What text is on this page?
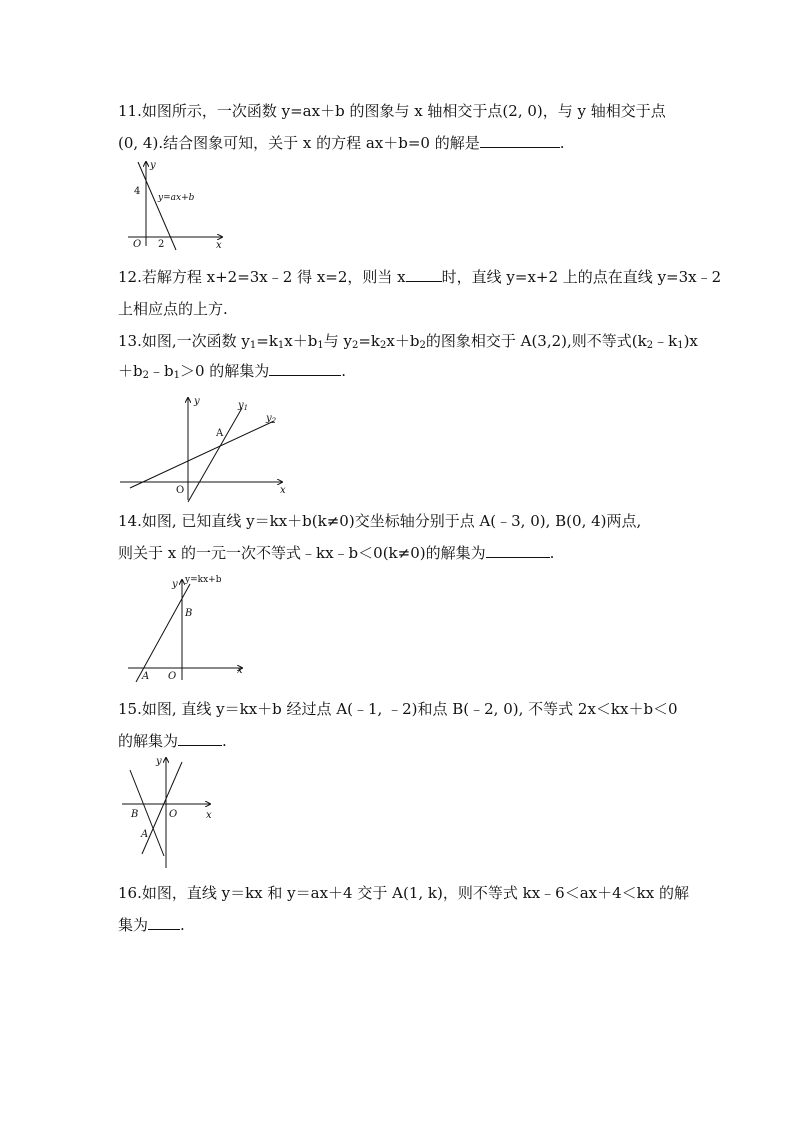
11.如图所示，一次函数 y=ax＋b 的图象与 x 轴相交于点(2, 0)，与 y 轴相交于点
(0, 4).结合图象可知，关于 x 的方程 ax＋b=0 的解是	.
y
x
O
4
2
y=ax+b
12.若解方程 x+2=3x﹣2 得 x=2，则当 x 时，直线 y=x+2 上的点在直线 y=3x﹣2
上相应点的上方.
13.如图,一次函数 $y_1=k_1x+b_1$与 $y_2=k_2x+b_2$的图象相交于 A(3,2),则不等式$(k_2﹣k_1)x$
$+b_2﹣b_1>0$ 的解集为	.
y
x
O
A
$y_1$
$y_2$
14.如图, 已知直线 y＝kx＋b(k≠0)交坐标轴分别于点 A(﹣3, 0), B(0, 4)两点,
则关于 x 的一元一次不等式﹣kx﹣b＜0(k≠0)的解集为	.
y
x
O
A
B
y=kx+b
15.如图, 直线 y＝kx＋b 经过点 A(﹣1, ﹣2)和点 B(﹣2, 0), 不等式 2x＜kx＋b＜0
的解集为	.
y
x
O
B
A
16.如图，直线 y＝kx 和 y＝ax＋4 交于 A(1, k)，则不等式 kx﹣6＜ax＋4＜kx 的解
集为 .
